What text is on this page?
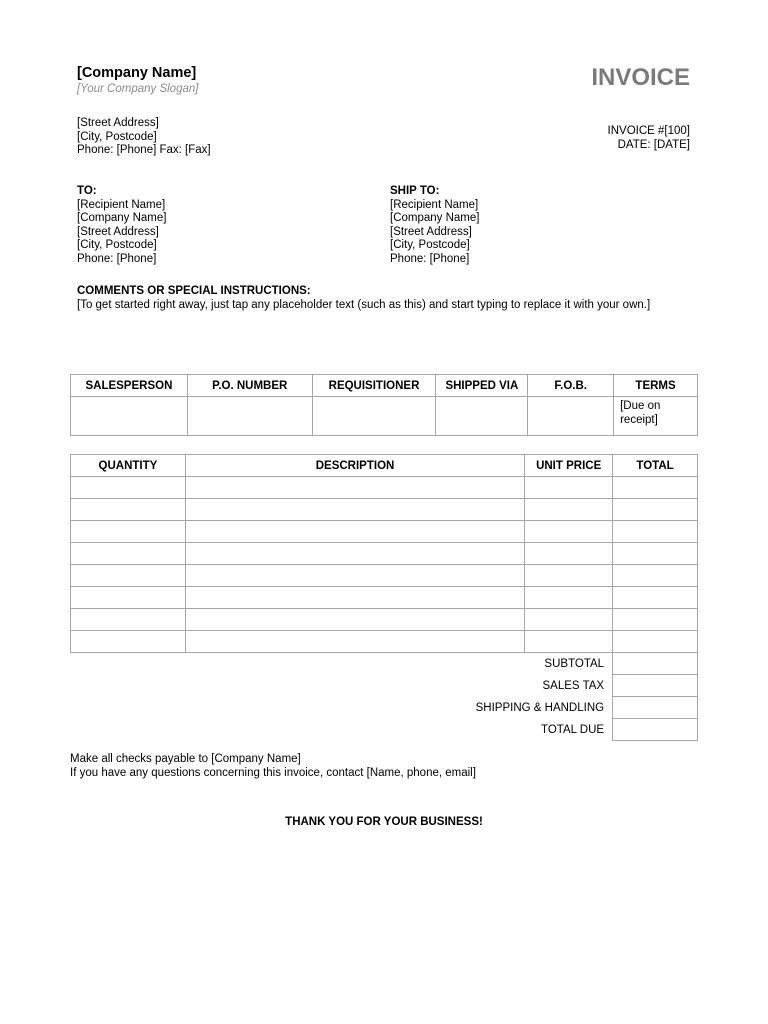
[Company Name]
[Your Company Slogan]	INVOICE
[Street Address]
[City, Postcode]
Phone: [Phone] Fax: [Fax]
INVOICE #[100]
DATE: [DATE]
TO:
[Recipient Name]
[Company Name]
[Street Address]
[City, Postcode]
Phone: [Phone]
SHIP TO:
[Recipient Name]
[Company Name]
[Street Address]
[City, Postcode]
Phone: [Phone]
COMMENTS OR SPECIAL INSTRUCTIONS:
[To get started right away, just tap any placeholder text (such as this) and start typing to replace it with your own.]
SALESPERSON	P.O. NUMBER	REQUISITIONER	SHIPPED VIA	F.O.B.	TERMS
					[Due on receipt]
QUANTITY	DESCRIPTION	UNIT PRICE	TOTAL

SUBTOTAL			
SALES TAX			
SHIPPING & HANDLING			
TOTAL DUE			
Make all checks payable to [Company Name]
If you have any questions concerning this invoice, contact [Name, phone, email]
THANK YOU FOR YOUR BUSINESS!
